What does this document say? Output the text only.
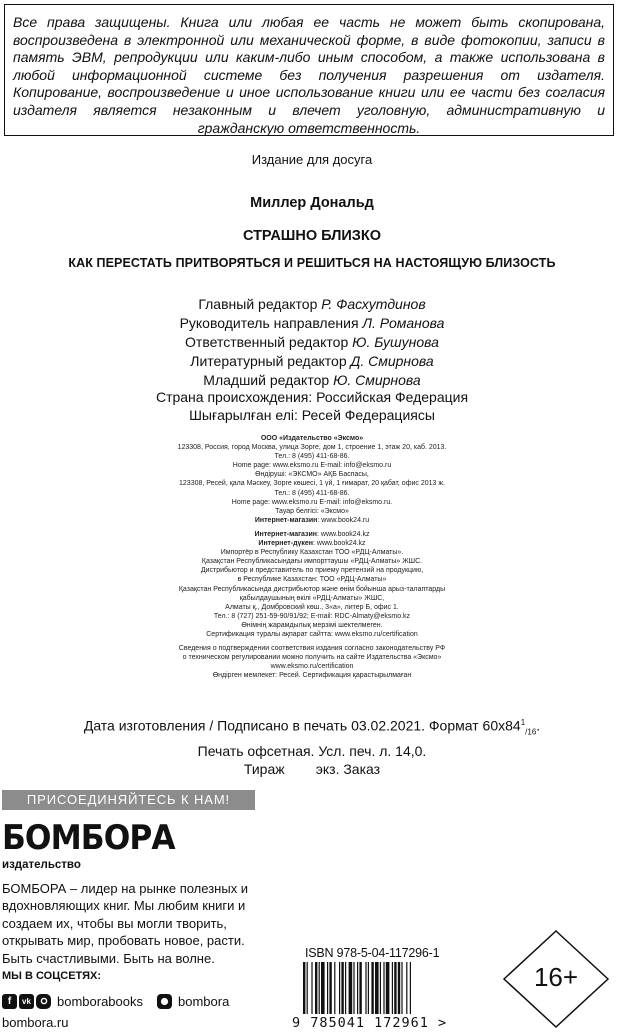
Все права защищены. Книга или любая ее часть не может быть скопирована, воспроизведена в электронной или механической форме, в виде фотокопии, записи в память ЭВМ, репродукции или каким-либо иным способом, а также использована в любой информационной системе без получения разрешения от издателя. Копирование, воспроизведение и иное использование книги или ее части без согласия издателя является незаконным и влечет уголовную, административную и гражданскую ответственность.
Издание для досуга
Миллер Дональд
СТРАШНО БЛИЗКО
КАК ПЕРЕСТАТЬ ПРИТВОРЯТЬСЯ И РЕШИТЬСЯ НА НАСТОЯЩУЮ БЛИЗОСТЬ
Главный редактор Р. Фасхутдинов
Руководитель направления Л. Романова
Ответственный редактор Ю. Бушунова
Литературный редактор Д. Смирнова
Младший редактор Ю. Смирнова
Страна происхождения: Российская Федерация
Шығарылған елі: Ресей Федерациясы
ООО «Издательство «Эксмо»
123308, Россия, город Москва, улица Зорге, дом 1, строение 1, этаж 20, каб. 2013.
Тел.: 8 (495) 411-68-86.
Home page: www.eksmo.ru E-mail: info@eksmo.ru
Өндіруші: «ЭКСМО» АҚБ Баспасы,
123308, Ресей, қала Мәскеу, Зорге көшесі, 1 үй, 1 ғимарат, 20 қабат, офис 2013 ж.
Тел.: 8 (495) 411-68-86.
Home page: www.eksmo.ru E-mail: info@eksmo.ru.
Тауар белгісі: «Эксмо»
Интернет-магазин: www.book24.ru
Интернет-магазин: www.book24.kz
Интернет-дүкен: www.book24.kz
Импортёр в Республику Казахстан ТОО «РДЦ-Алматы».
Қазақстан Республикасындағы импорттаушы «РДЦ-Алматы» ЖШС.
Дистрибьютор и представитель по приему претензий на продукцию,
в Республике Казахстан: ТОО «РДЦ-Алматы»
Қазақстан Республикасында дистрибьютор және өнім бойынша арыз-талаптарды
қабылдаушының өкілі «РДЦ-Алматы» ЖШС,
Алматы қ., Домбровский көш., 3«а», литер Б, офис 1.
Тел.: 8 (727) 251-59-90/91/92; E-mail: RDC-Almaty@eksmo.kz
Өнімнің жарамдылық мерзімі шектелмеген.
Сертификация туралы ақпарат сайтта: www.eksmo.ru/certification
Сведения о подтверждении соответствия издания согласно законодательству РФ
о техническом регулировании можно получить на сайте Издательства «Эксмо»
www.eksmo.ru/certification
Өндірген мемлекет: Ресей. Сертификация қарастырылмаған
Дата изготовления / Подписано в печать 03.02.2021. Формат $60x84^1_{/16}$.
Печать офсетная. Усл. печ. л. 14,0.
Тираж        экз. Заказ
ПРИСОЕДИНЯЙТЕСЬ К НАМ!
БОМБОРА
издательство
БОМБОРА – лидер на рынке полезных и вдохновляющих книг. Мы любим книги и создаем их, чтобы вы могли творить, открывать мир, пробовать новое, расти. Быть счастливыми. Быть на волне.
МЫ В СОЦСЕТЯХ:
f	vk bomborabooks	bombora
bombora.ru
ISBN 978-5-04-117296-1
9 785041 172961 >
16+
